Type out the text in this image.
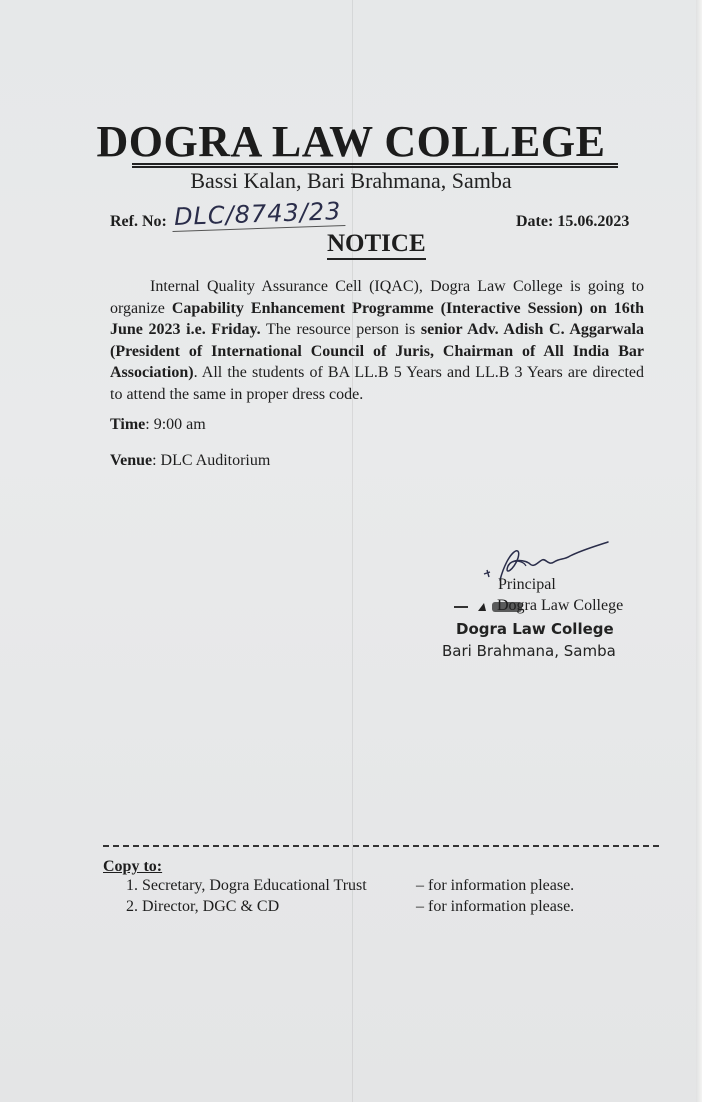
DOGRA LAW COLLEGE
Bassi Kalan, Bari Brahmana, Samba
Ref. No: DLC/8743/23	Date: 15.06.2023
NOTICE

Internal Quality Assurance Cell (IQAC), Dogra Law College is going to organize Capability Enhancement Programme (Interactive Session) on 16th June 2023 i.e. Friday. The resource person is senior Adv. Adish C. Aggarwala (President of International Council of Juris, Chairman of All India Bar Association). All the students of BA LL.B 5 Years and LL.B 3 Years are directed to attend the same in proper dress code.

Time: 9:00 am

Venue: DLC Auditorium

Principal
Dogra Law College
Dogra Law College
Bari Brahmana, Samba
Copy to:
1. Secretary, Dogra Educational Trust	– for information please.
2. Director, DGC & CD	– for information please.
